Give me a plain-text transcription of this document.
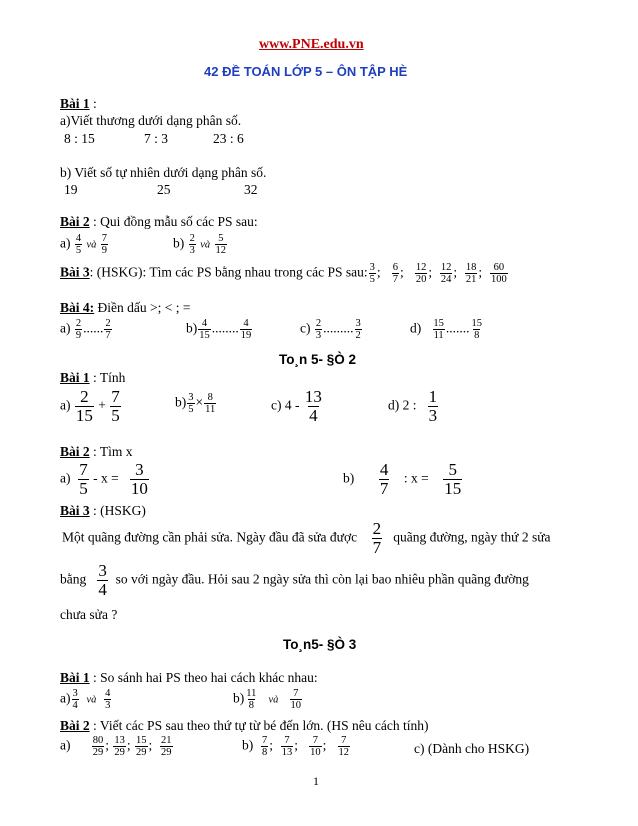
www.PNE.edu.vn
42 ĐỀ TOÁN LỚP 5 – ÔN TẬP HÈ
Bài 1 :
a)Viết thương dưới dạng phân số.
8 : 15	7 : 3	23 : 6
b) Viết số tự nhiên dưới dạng phân số.
19	25	32
Bài 2 : Qui đồng mẫu số các PS sau:
$a) \frac{4}{5}$ và $\frac{7}{9}$	$b) \frac{2}{3}$ và $\frac{5}{12}$
Bài 3: (HSKG): Tìm các PS bằng nhau trong các PS sau: $\frac{3}{5}$ ; $\frac{6}{7}$ ; $\frac{12}{20}$ ; $\frac{12}{24}$ ; $\frac{18}{21}$ ; $\frac{60}{100}$
Bài 4: Điền dấu >; < ; =
$a) \frac{2}{9}$ ...... $\frac{2}{7}$	$b) \frac{4}{15}$ ........ $\frac{4}{19}$	$c) \frac{2}{3}$ ......... $\frac{3}{2}$	$d) \frac{15}{11}$ ....... $\frac{15}{8}$
To¸n 5- §Ò 2
Bài 1 : Tính
$a) \frac{2}{15} + \frac{7}{5}$	$b) \frac{3}{5} \times \frac{8}{11}$	c) $4 - \frac{13}{4}$	d) 2 : $\frac{1}{3}$
Bài 2 : Tìm x
$a) \frac{7}{5} - x = \frac{3}{10}$	$b) \frac{4}{7}$ : $x = \frac{5}{15}$
Bài 3 : (HSKG)
Một quãng đường cần phải sửa. Ngày đầu đã sửa được $\frac{2}{7}$ quãng đường, ngày thứ 2 sửa
bằng $\frac{3}{4}$ so với ngày đầu. Hỏi sau 2 ngày sửa thì còn lại bao nhiêu phần quãng đường
chưa sửa ?
To¸n5- §Ò 3
Bài 1 : So sánh hai PS theo hai cách khác nhau:
$a) \frac{3}{4}$ và $\frac{4}{3}$	$b) \frac{11}{8}$ và $\frac{7}{10}$
Bài 2 : Viết các PS sau theo thứ tự từ bé đến lớn. (HS nêu cách tính)
$a) \frac{80}{29}$ ; $\frac{13}{29}$ ; $\frac{15}{29}$ ; $\frac{21}{29}$	$b) \frac{7}{8}$ ; $\frac{7}{13}$ ; $\frac{7}{10}$ ; $\frac{7}{12}$	c) (Dành cho HSKG)
1
